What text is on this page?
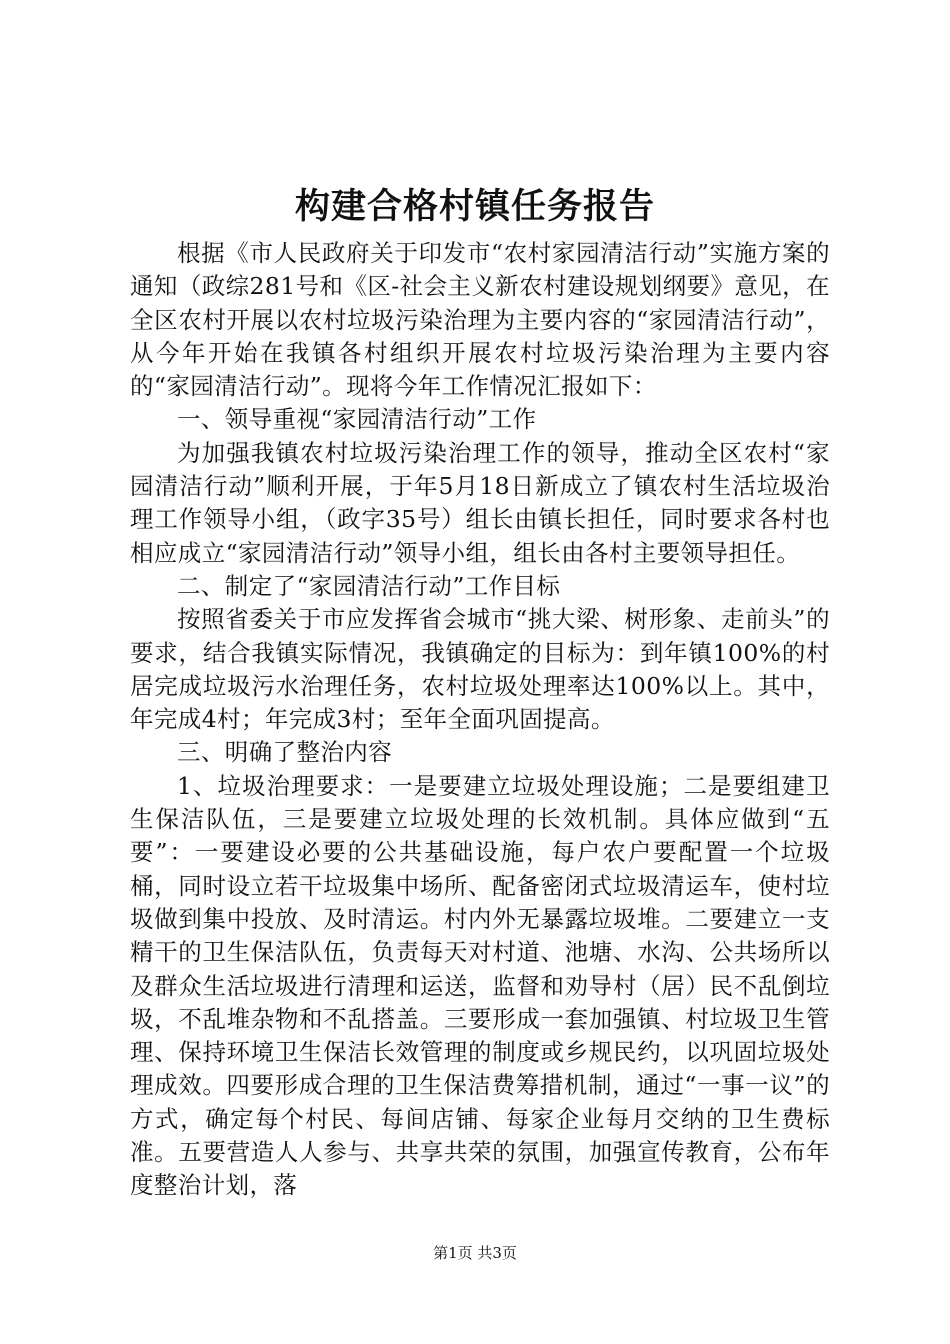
构建合格村镇任务报告

根据《市人民政府关于印发市“农村家园清洁行动”实施方案的通知（政综281号和《区-社会主义新农村建设规划纲要》意见，在全区农村开展以农村垃圾污染治理为主要内容的“家园清洁行动”，从今年开始在我镇各村组织开展农村垃圾污染治理为主要内容的“家园清洁行动”。现将今年工作情况汇报如下：

一、领导重视“家园清洁行动”工作

为加强我镇农村垃圾污染治理工作的领导，推动全区农村“家园清洁行动”顺利开展，于年5月18日新成立了镇农村生活垃圾治理工作领导小组，（政字35号）组长由镇长担任，同时要求各村也相应成立“家园清洁行动”领导小组，组长由各村主要领导担任。

二、制定了“家园清洁行动”工作目标

按照省委关于市应发挥省会城市“挑大梁、树形象、走前头”的要求，结合我镇实际情况，我镇确定的目标为：到年镇100%的村居完成垃圾污水治理任务，农村垃圾处理率达100%以上。其中，年完成4村；年完成3村；至年全面巩固提高。

三、明确了整治内容

1、垃圾治理要求：一是要建立垃圾处理设施；二是要组建卫生保洁队伍，三是要建立垃圾处理的长效机制。具体应做到“五要”：一要建设必要的公共基础设施，每户农户要配置一个垃圾桶，同时设立若干垃圾集中场所、配备密闭式垃圾清运车，使村垃圾做到集中投放、及时清运。村内外无暴露垃圾堆。二要建立一支精干的卫生保洁队伍，负责每天对村道、池塘、水沟、公共场所以及群众生活垃圾进行清理和运送，监督和劝导村（居）民不乱倒垃圾，不乱堆杂物和不乱搭盖。三要形成一套加强镇、村垃圾卫生管理、保持环境卫生保洁长效管理的制度或乡规民约，以巩固垃圾处理成效。四要形成合理的卫生保洁费筹措机制，通过“一事一议”的方式，确定每个村民、每间店铺、每家企业每月交纳的卫生费标准。五要营造人人参与、共享共荣的氛围，加强宣传教育，公布年度整治计划，落

第1页 共3页
